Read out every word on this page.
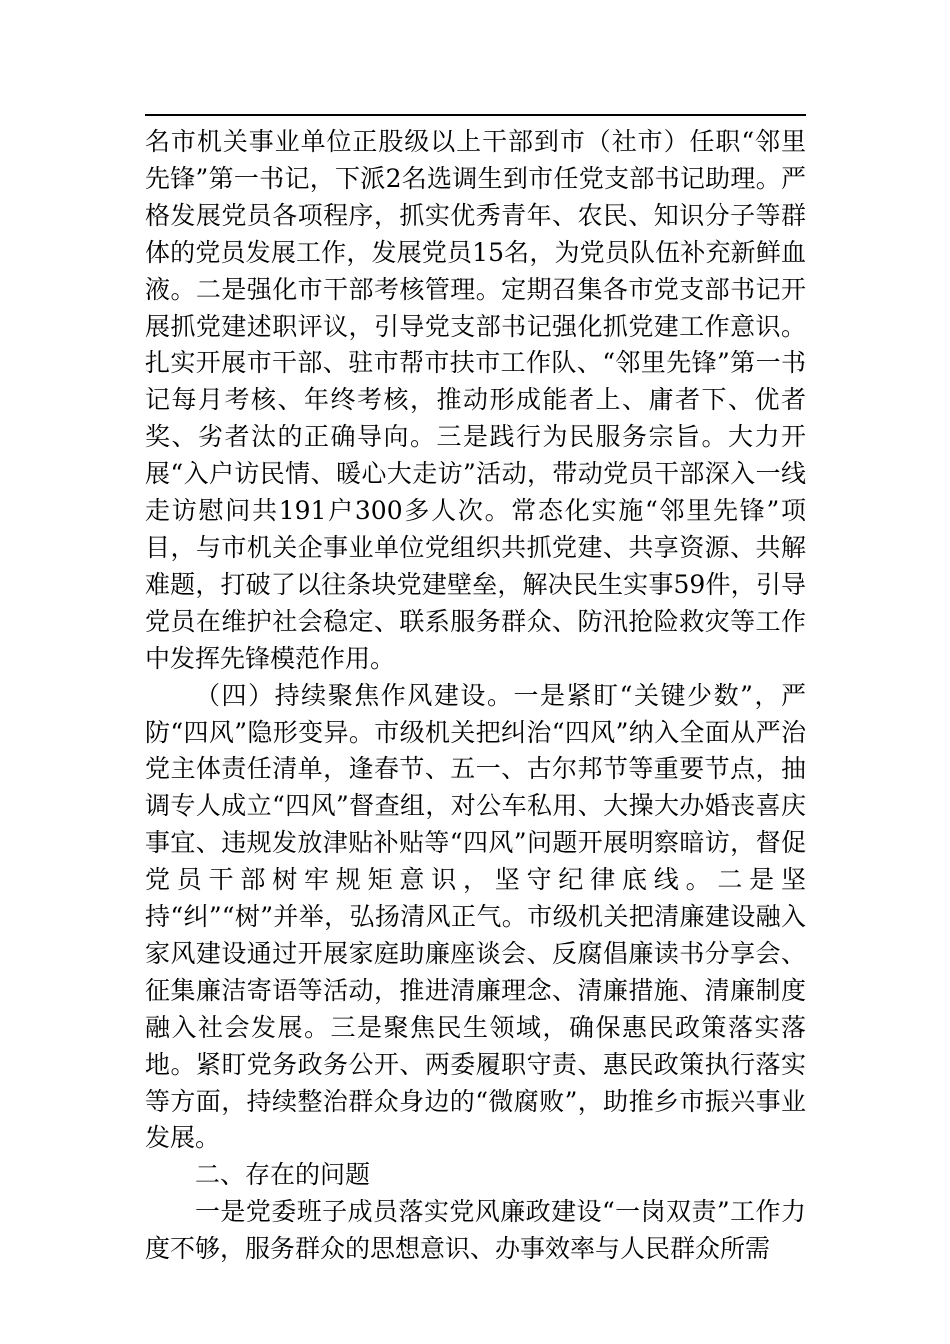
名市机关事业单位正股级以上干部到市（社市）任职“邻里先锋”第一书记，下派2名选调生到市任党支部书记助理。严格发展党员各项程序，抓实优秀青年、农民、知识分子等群体的党员发展工作，发展党员15名，为党员队伍补充新鲜血液。二是强化市干部考核管理。定期召集各市党支部书记开展抓党建述职评议，引导党支部书记强化抓党建工作意识。扎实开展市干部、驻市帮市扶市工作队、“邻里先锋”第一书记每月考核、年终考核，推动形成能者上、庸者下、优者奖、劣者汰的正确导向。三是践行为民服务宗旨。大力开展“入户访民情、暖心大走访”活动，带动党员干部深入一线走访慰问共191户300多人次。常态化实施“邻里先锋”项目，与市机关企事业单位党组织共抓党建、共享资源、共解难题，打破了以往条块党建壁垒，解决民生实事59件，引导党员在维护社会稳定、联系服务群众、防汛抢险救灾等工作中发挥先锋模范作用。

（四）持续聚焦作风建设。一是紧盯“关键少数”，严防“四风”隐形变异。市级机关把纠治“四风”纳入全面从严治党主体责任清单，逢春节、五一、古尔邦节等重要节点，抽调专人成立“四风”督查组，对公车私用、大操大办婚丧喜庆事宜、违规发放津贴补贴等“四风”问题开展明察暗访，督促党员干部树牢规矩意识，坚守纪律底线。二是坚持“纠”“树”并举，弘扬清风正气。市级机关把清廉建设融入家风建设通过开展家庭助廉座谈会、反腐倡廉读书分享会、征集廉洁寄语等活动，推进清廉理念、清廉措施、清廉制度融入社会发展。三是聚焦民生领域，确保惠民政策落实落地。紧盯党务政务公开、两委履职守责、惠民政策执行落实等方面，持续整治群众身边的“微腐败”，助推乡市振兴事业发展。

二、存在的问题

一是党委班子成员落实党风廉政建设“一岗双责”工作力度不够，服务群众的思想意识、办事效率与人民群众所需
